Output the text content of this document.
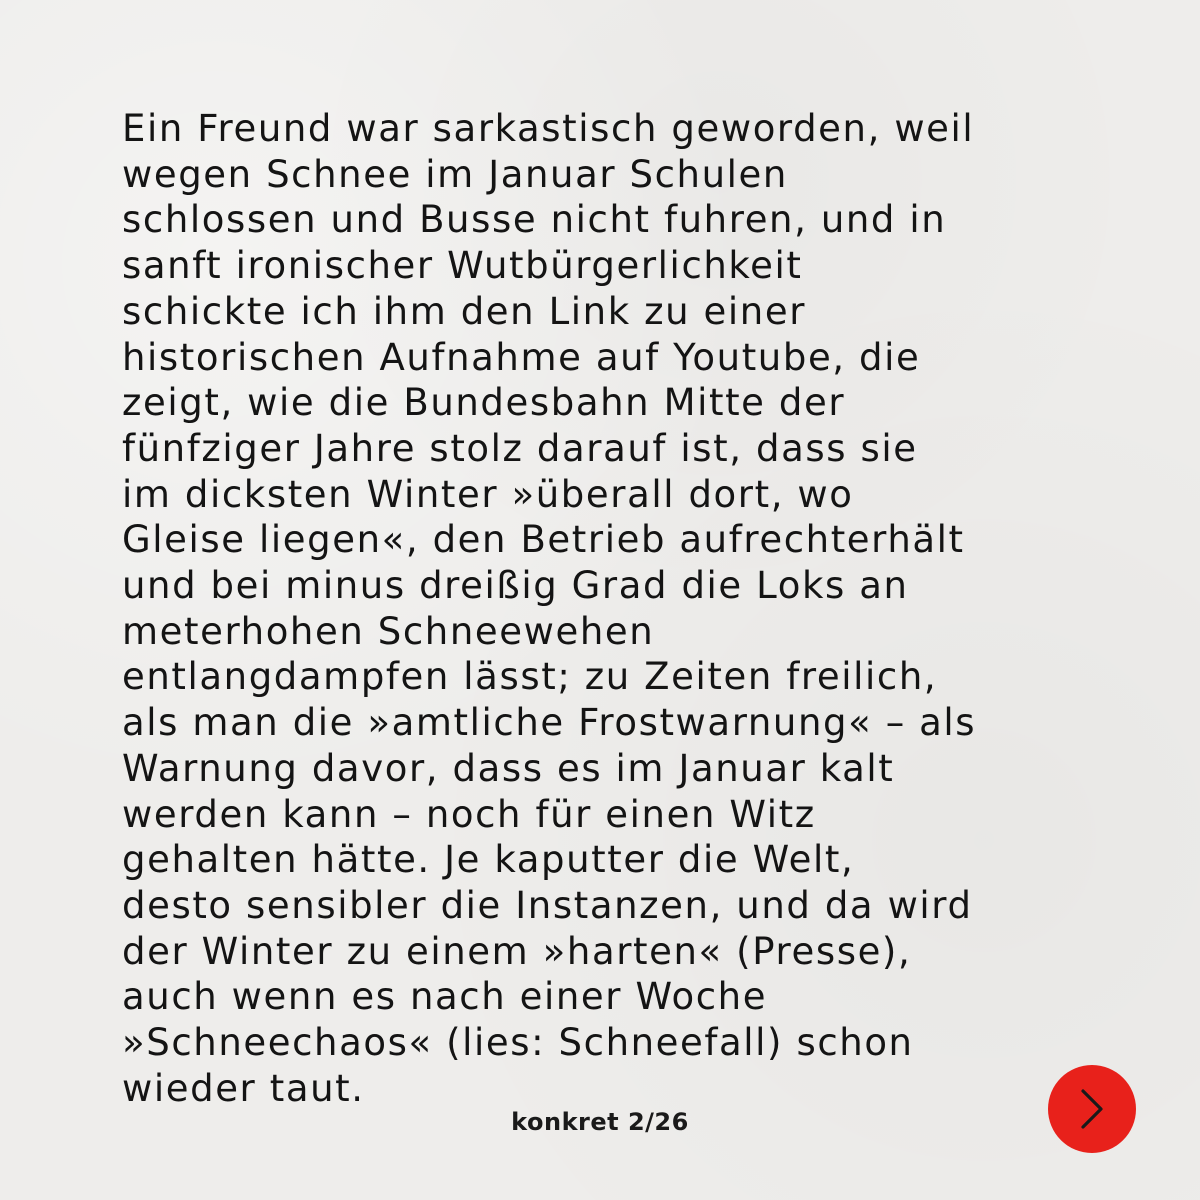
Ein Freund war sarkastisch geworden, weil
wegen Schnee im Januar Schulen
schlossen und Busse nicht fuhren, und in
sanft ironischer Wutbürgerlichkeit
schickte ich ihm den Link zu einer
historischen Aufnahme auf Youtube, die
zeigt, wie die Bundesbahn Mitte der
fünfziger Jahre stolz darauf ist, dass sie
im dicksten Winter »überall dort, wo
Gleise liegen«, den Betrieb aufrechterhält
und bei minus dreißig Grad die Loks an
meterhohen Schneewehen
entlangdampfen lässt; zu Zeiten freilich,
als man die »amtliche Frostwarnung« – als
Warnung davor, dass es im Januar kalt
werden kann – noch für einen Witz
gehalten hätte. Je kaputter die Welt,
desto sensibler die Instanzen, und da wird
der Winter zu einem »harten« (Presse),
auch wenn es nach einer Woche
»Schneechaos« (lies: Schneefall) schon
wieder taut.

konkret 2/26
